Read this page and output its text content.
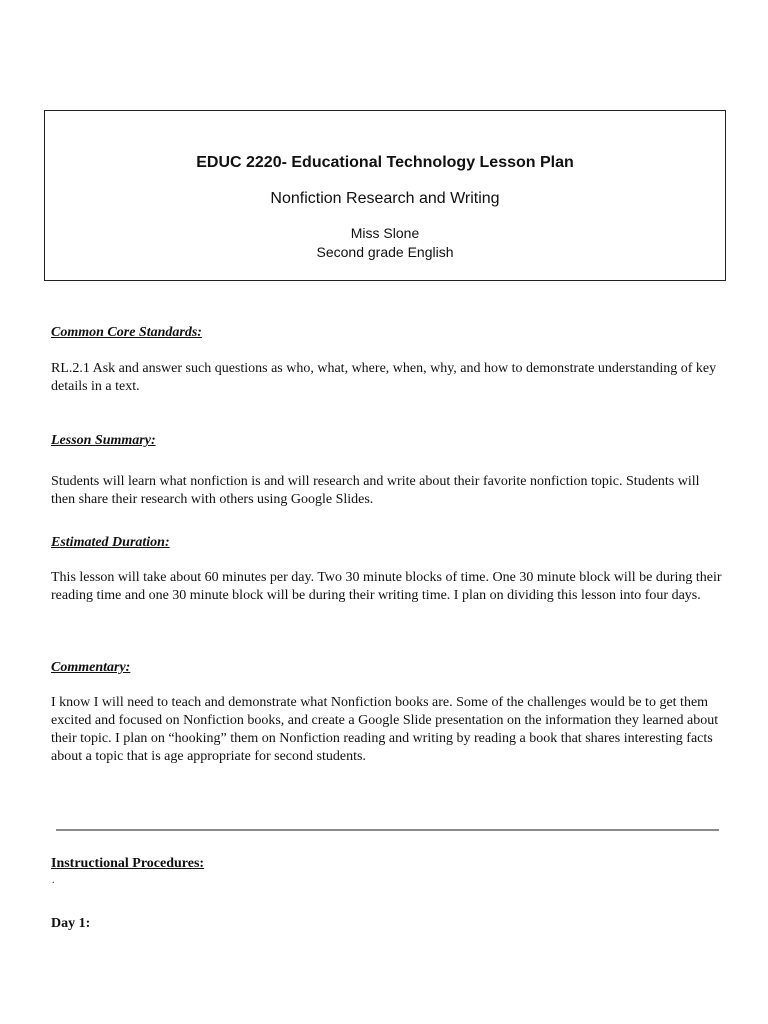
EDUC 2220- Educational Technology Lesson Plan
Nonfiction Research and Writing
Miss Slone
Second grade English
Common Core Standards:

RL.2.1 Ask and answer such questions as who, what, where, when, why, and how to demonstrate understanding of key details in a text.

Lesson Summary:

Students will learn what nonfiction is and will research and write about their favorite nonfiction topic. Students will then share their research with others using Google Slides.

Estimated Duration:

This lesson will take about 60 minutes per day. Two 30 minute blocks of time. One 30 minute block will be during their reading time and one 30 minute block will be during their writing time. I plan on dividing this lesson into four days.

Commentary:

I know I will need to teach and demonstrate what Nonfiction books are. Some of the challenges would be to get them excited and focused on Nonfiction books, and create a Google Slide presentation on the information they learned about their topic. I plan on “hooking” them on Nonfiction reading and writing by reading a book that shares interesting facts about a topic that is age appropriate for second students.

Instructional Procedures:
.
Day 1:
